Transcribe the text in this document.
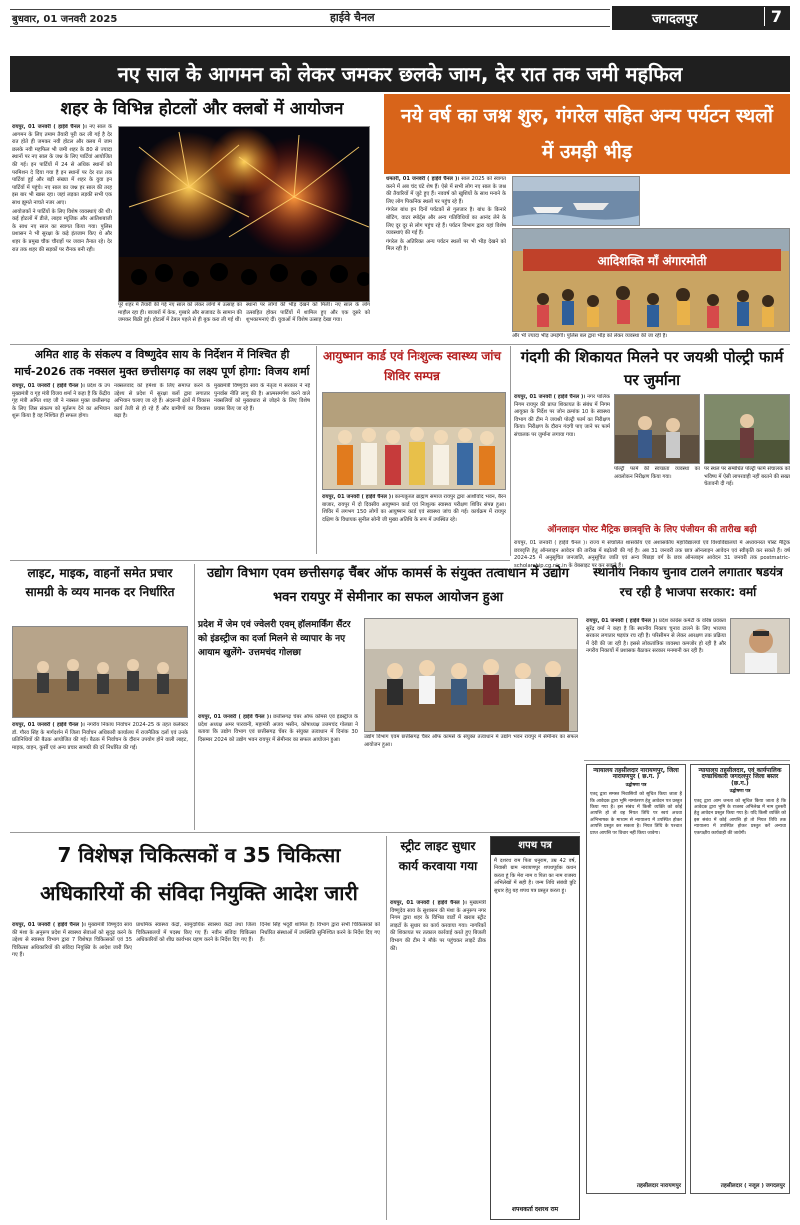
बुधवार, 01 जनवरी 2025	हाईवे चैनल	जगदलपुर	7
नए साल के आगमन को लेकर जमकर छलके जाम, देर रात तक जमी महफिल
शहर के विभिन्न होटलों और क्लबों में आयोजन

रायपुर, 01 जनवरी ( हाईवे चैनल )। नए साल के आगमन के लिए तमाम तैयारी पूरी कर ली गई है देर रात होते ही जमकर नयी होटल और क्लब में जाम छलके नयी महफिल भी जमी शहर के 80 से ज्यादा स्थानों पर नए साल के जश्न के लिए पार्टियां आयोजित की गई। इन पार्टियों में 24 से अधिक स्थानों को परमिशन दे दिया गया है इन स्थानों पर देर रात तक पार्टियां हुई और बड़ी संख्या में शहर के युवा इन पार्टियों में पहुंचे। नए साल का जश्न हर साल की तरह इस बार भी खास रहा। जहां लड़का लड़की सभी एक साथ झूमते नाचते नजर आए।

आयोजकों ने पार्टियों के लिए विशेष व्यवस्थाएं की थीं। कई होटलों में डीजे, लाइव म्यूजिक और आतिशबाजी के साथ नए साल का स्वागत किया गया। पुलिस प्रशासन ने भी सुरक्षा के कड़े इंतजाम किए थे और शहर के प्रमुख चौक चौराहों पर जवान तैनात रहे। देर रात तक शहर की सड़कों पर रौनक बनी रही।

पूरे शहर में तैयारी की गई नए साल को लेकर लोगों में उत्साह का माहौल रहा ही। बाजारों में केक, गुब्बारे और सजावट के सामान की जमकर बिक्री हुई। होटलों में टेबल पहले से ही बुक करा ली गई थीं।

स्थानों पर लोगों की भीड़ देखने को मिली। नए साल के लोग उत्साहित होकर पार्टियों में शामिल हुए और एक दूसरे को शुभकामनाएं दीं। युवाओं में विशेष उत्साह देखा गया।

नये वर्ष का जश्न शुरु, गंगरेल सहित अन्य पर्यटन स्थलों में उमड़ी भीड़

धमतरी, 01 जनवरी ( हाईवे चैनल )। साल 2025 को स्वागत करने में अब चंद घंटे शेष हैं। ऐसे में सभी लोग नए साल के जश्न की तैयारियों में जुटे हुए हैं। नववर्ष को खुशियों के साथ मनाने के लिए लोग पिकनिक स्थलों पर पहुंच रहे हैं।

गंगरेल बांध इन दिनों पर्यटकों से गुलजार है। बांध के किनारे बोटिंग, वाटर स्पोर्ट्स और अन्य गतिविधियों का आनंद लेने के लिए दूर दूर से लोग पहुंच रहे हैं। पर्यटन विभाग द्वारा यहां विशेष व्यवस्थाएं की गई हैं।

गंगरेल के अतिरिक्त अन्य पर्यटन स्थलों पर भी भीड़ देखने को मिल रही है।

आदिशक्ति माँ अंगारमोती
और भी ज्यादा भीड़ उमड़ेगी। पुलिस बल द्वारा भीड़ को लेकर व्यवस्था की जा रही है।
अमित शाह के संकल्प व विष्णुदेव साय के निर्देशन में निश्चित ही मार्च-2026 तक नक्सल मुक्त छत्तीसगढ़ का लक्ष्य पूर्ण होगा: विजय शर्मा

रायपुर, 01 जनवरी ( हाईवे चैनल )। प्रदेश के उप मुख्यमंत्री व गृह मंत्री विजय शर्मा ने कहा है कि केंद्रीय गृह मंत्री अमित शाह जी ने नक्सल मुक्त छत्तीसगढ़ के लिए जिस संकल्प को मूर्तरूप देने का अभियान शुरू किया है वह निश्चित ही सफल होगा।

नक्सलवाद को हमेशा के लिए समाप्त करने के उद्देश्य से प्रदेश में सुरक्षा बलों द्वारा लगातार अभियान चलाए जा रहे हैं। अंदरूनी क्षेत्रों में विकास कार्य तेजी से हो रहे हैं और ग्रामीणों का विश्वास बढ़ा है।

मुख्यमंत्री विष्णुदेव साय के नेतृत्व में सरकार ने नई पुनर्वास नीति लागू की है। आत्मसमर्पण करने वाले नक्सलियों को मुख्यधारा से जोड़ने के लिए विशेष प्रयास किए जा रहे हैं।

आयुष्मान कार्ड एवं निःशुल्क स्वास्थ्य जांच शिविर सम्पन्न

रायपुर, 01 जनवरी ( हाईवे चैनल )। कान्यकुब्ज ब्राह्मण समाज रायपुर द्वारा आशीर्वाद भवन, बैरन बाजार, रायपुर में दो दिवसीय आयुष्मान कार्ड एवं निःशुल्क स्वास्थ्य परीक्षण शिविर संपन्न हुआ। शिविर में लगभग 150 लोगों का आयुष्मान कार्ड एवं स्वास्थ्य जांच की गई। कार्यक्रम में रायपुर दक्षिण के विधायक सुनील सोनी जी मुख्य अतिथि के रूप में उपस्थित रहे।

गंदगी की शिकायत मिलने पर जयश्री पोल्ट्री फार्म पर जुर्माना

रायपुर, 01 जनवरी ( हाईवे चैनल )। नगर पालिक निगम रायपुर की प्राप्त शिकायत के संबंध में निगम आयुक्त के निर्देश पर जोन क्रमांक 10 के स्वास्थ्य विभाग की टीम ने जयश्री पोल्ट्री फार्म का निरीक्षण किया। निरीक्षण के दौरान गंदगी पाए जाने पर फार्म संचालक पर जुर्माना लगाया गया।

पोल्ट्री फार्म की स्वच्छता व्यवस्था का अवलोकन निरीक्षण किया गया।

पर स्थल पर सम्बंधित पोल्ट्री फार्म संचालक को भविष्य में ऐसी लापरवाही नहीं बरतने की सख्त चेतावनी दी गई।

ऑनलाइन पोस्ट मैट्रिक छात्रवृत्ति के लिए पंजीयन की तारीख बढ़ी
रायपुर, 01 जनवरी ( हाईवे चैनल )। राज्य में संचालित शासकीय एवं अशासकीय महाविद्यालयों एवं विश्वविद्यालयों में अध्ययनरत पोस्ट मैट्रिक छात्रवृत्ति हेतु ऑनलाइन आवेदन की तारीख में बढ़ोतरी की गई है। अब 31 जनवरी तक छात्र ऑनलाइन आवेदन एवं स्वीकृति कर सकते हैं। वर्ष 2024-25 में अनुसूचित जनजाति, अनुसूचित जाति एवं अन्य पिछड़ा वर्ग के छात्र ऑनलाइन आवेदन 31 जनवरी तक postmatric-scholarship.cg.nic.in के वेबसाइट पर कर सकते हैं।
लाइट, माइक, वाहनों समेत प्रचार सामग्री के व्यय मानक दर निर्धारित

रायपुर, 01 जनवरी ( हाईवे चैनल )। नगरीय निकाय निर्वाचन 2024-25 के तहत कलेक्टर डॉ. गौरव सिंह के मार्गदर्शन में जिला निर्वाचन अधिकारी कार्यालय में राजनैतिक दलों एवं उनके प्रतिनिधियों की बैठक आयोजित की गई। बैठक में निर्वाचन के दौरान उपयोग होने वाली लाइट, माइक, वाहन, कुर्सी एवं अन्य प्रचार सामग्री की दरें निर्धारित की गईं।

उद्योग विभाग एवम छत्तीसगढ़ चैंबर ऑफ कामर्स के संयुक्त तत्वाधान में उद्योग भवन रायपुर में सेमीनार का सफल आयोजन हुआ
प्रदेश में जेम एवं ज्वेलरी एवम् हॉलमार्किंग सैंटर को इंडस्ट्रीज का दर्जा मिलने से व्यापार के नए आयाम खुलेंगे- उत्तमचंद गोलछा

रायपुर, 01 जनवरी ( हाईवे चैनल )। छत्तीसगढ़ चेंबर ऑफ कॉमर्स एवं इंडस्ट्रीज के प्रदेश अध्यक्ष अमर पारवानी, महामंत्री अजय भसीन, कोषाध्यक्ष उत्तमचंद गोलछा ने बताया कि उद्योग विभाग एवं छत्तीसगढ़ चेंबर के संयुक्त तत्वाधान में दिनांक 30 दिसम्बर 2024 को उद्योग भवन रायपुर में सेमीनार का सफल आयोजन हुआ।	उद्योग विभाग एवम छत्तीसगढ़ चैंबर ऑफ कामर्स के संयुक्त तत्वाधान में उद्योग भवन रायपुर में सेमीनार का सफल आयोजन हुआ।
स्थानीय निकाय चुनाव टालने लगातार षडयंत्र रच रही है भाजपा सरकार: वर्मा

रायपुर, 01 जनवरी ( हाईवे चैनल )। प्रदेश कांग्रेस कमेटी के वरिष्ठ प्रवक्ता सुरेंद्र वर्मा ने कहा है कि स्थानीय निकाय चुनाव टालने के लिए भाजपा सरकार लगातार षड़यंत्र रच रही है। परिसीमन से लेकर आरक्षण तक प्रक्रिया में देरी की जा रही है। इससे लोकतांत्रिक व्यवस्था कमजोर हो रही है और नगरीय निकायों में प्रशासक बैठाकर सरकार मनमानी कर रही है।

न्यायालय तहसीलदार नारायणपुर, जिला नारायणपुर ( छ.ग. )
उद्घोषणा पत्र
एतद् द्वारा समस्त निवासियों को सूचित किया जाता है कि आवेदक द्वारा भूमि नामांतरण हेतु आवेदन पत्र प्रस्तुत किया गया है। इस संबंध में किसी व्यक्ति को कोई आपत्ति हो तो वह नियत तिथि पर स्वयं अथवा अभिभाषक के माध्यम से न्यायालय में उपस्थित होकर आपत्ति प्रस्तुत कर सकता है। नियत तिथि के पश्चात प्राप्त आपत्ति पर विचार नहीं किया जावेगा।
तहसीलदार नारायणपुर
न्यायालय तहसीलदार, एवं कार्यपालिक दण्डाधिकारी जगदलपुर जिला बस्तर (छ.ग.)
उद्घोषणा पत्र
एतद् द्वारा आम जनता को सूचित किया जाता है कि आवेदक द्वारा भूमि के राजस्व अभिलेख में नाम दुरुस्ती हेतु आवेदन प्रस्तुत किया गया है। यदि किसी व्यक्ति को इस संबंध में कोई आपत्ति हो तो नियत तिथि तक न्यायालय में उपस्थित होकर प्रस्तुत करें अन्यथा एकपक्षीय कार्यवाही की जावेगी।
तहसीलदार ( नजूल ) जगदलपुर
7 विशेषज्ञ चिकित्सकों व 35 चिकित्सा अधिकारियों की संविदा नियुक्ति आदेश जारी

रायपुर, 01 जनवरी ( हाईवे चैनल )। मुख्यमंत्री विष्णुदेव साय की मंशा के अनुरूप प्रदेश में स्वास्थ्य सेवाओं को सुदृढ़ करने के उद्देश्य से स्वास्थ्य विभाग द्वारा 7 विशेषज्ञ चिकित्सकों एवं 35 चिकित्सा अधिकारियों की संविदा नियुक्ति के आदेश जारी किए गए हैं।

प्राथमिक स्वास्थ्य केंद्रों, सामुदायिक स्वास्थ्य केंद्रों तथा जिला चिकित्सालयों में पदस्थ किए गए हैं। नवीन संविदा चिकित्सा अधिकारियों को शीघ्र कार्यभार ग्रहण करने के निर्देश दिए गए हैं।

दिनेश सिंह भदूरी शामिल हैं। विभाग द्वारा सभी चिकित्सकों को निर्धारित संस्थाओं में उपस्थिति सुनिश्चित करने के निर्देश दिए गए हैं।

स्ट्रीट लाइट सुधार कार्य करवाया गया

रायपुर, 01 जनवरी ( हाईवे चैनल )। मुख्यमंत्री विष्णुदेव साय के सुशासन की मंशा के अनुरूप नगर निगम द्वारा शहर के विभिन्न वार्डों में खराब स्ट्रीट लाइटों के सुधार का कार्य करवाया गया। नागरिकों की शिकायत पर तत्काल कार्रवाई करते हुए बिजली विभाग की टीम ने मौके पर पहुंचकर लाइटें ठीक कीं।

शपथ पत्र
मैं दशरथ राम पिता धनुराम, उम्र 42 वर्ष, निवासी ग्राम नारायणपुर शपथपूर्वक कथन करता हूं कि मेरा नाम व पिता का नाम राजस्व अभिलेखों में सही है। जन्म तिथि संबंधी त्रुटि सुधार हेतु यह शपथ पत्र प्रस्तुत करता हूं।
शपथकर्ता दशरथ राम
